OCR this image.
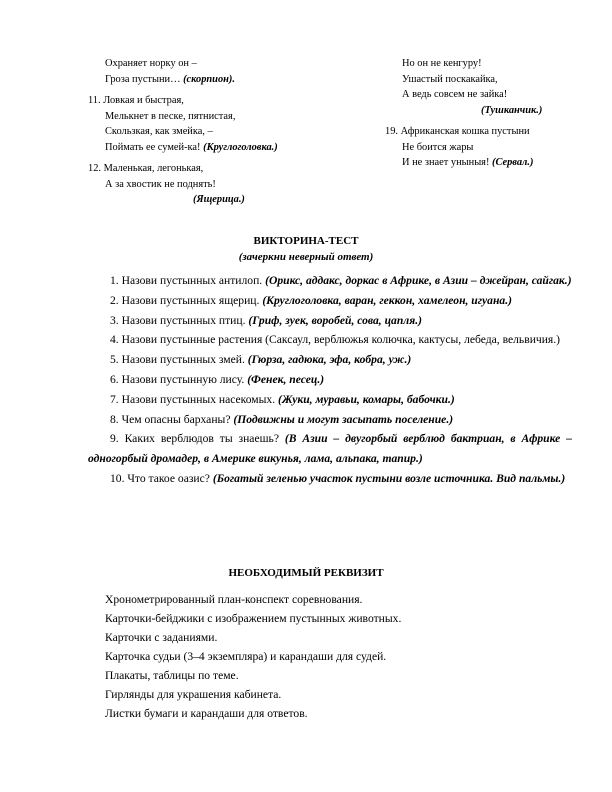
Охраняет норку он –
Гроза пустыни… (скорпион).
11. Ловкая и быстрая,
Мелькнет в песке, пятнистая,
Скользкая, как змейка, –
Поймать ее сумей-ка! (Круглоголовка.)
12. Маленькая, легонькая,
А за хвостик не поднять!
(Ящерица.)
Но он не кенгуру!
Ушастый поскакайка,
А ведь совсем не зайка!
(Тушканчик.)
19. Африканская кошка пустыни
Не боится жары
И не знает уныныя! (Сервал.)
ВИКТОРИНА-ТЕСТ
(зачеркни неверный ответ)

1. Назови пустынных антилоп. (Орикс, аддакс, доркас в Африке, в Азии – джейран, сайгак.)

2. Назови пустынных ящериц. (Круглоголовка, варан, геккон, хамелеон, игуана.)

3. Назови пустынных птиц. (Гриф, зуек, воробей, сова, цапля.)

4. Назови пустынные растения (Саксаул, верблюжья колючка, кактусы, лебеда, вельвичия.)

5. Назови пустынных змей. (Гюрза, гадюка, эфа, кобра, уж.)

6. Назови пустынную лису. (Фенек, песец.)

7. Назови пустынных насекомых. (Жуки, муравьи, комары, бабочки.)

8. Чем опасны барханы? (Подвижны и могут засыпать поселение.)

9. Каких верблюдов ты знаешь? (В Азии – двугорбый верблюд бактриан, в Африке – одногорбый дромадер, в Америке викунья, лама, альпака, тапир.)

10. Что такое оазис? (Богатый зеленью участок пустыни возле источника. Вид пальмы.)

НЕОБХОДИМЫЙ РЕКВИЗИТ
Хронометрированный план-конспект соревнования.
Карточки-бейджики с изображением пустынных животных.
Карточки с заданиями.
Карточка судьи (3–4 экземпляра) и карандаши для судей.
Плакаты, таблицы по теме.
Гирлянды для украшения кабинета.
Листки бумаги и карандаши для ответов.
